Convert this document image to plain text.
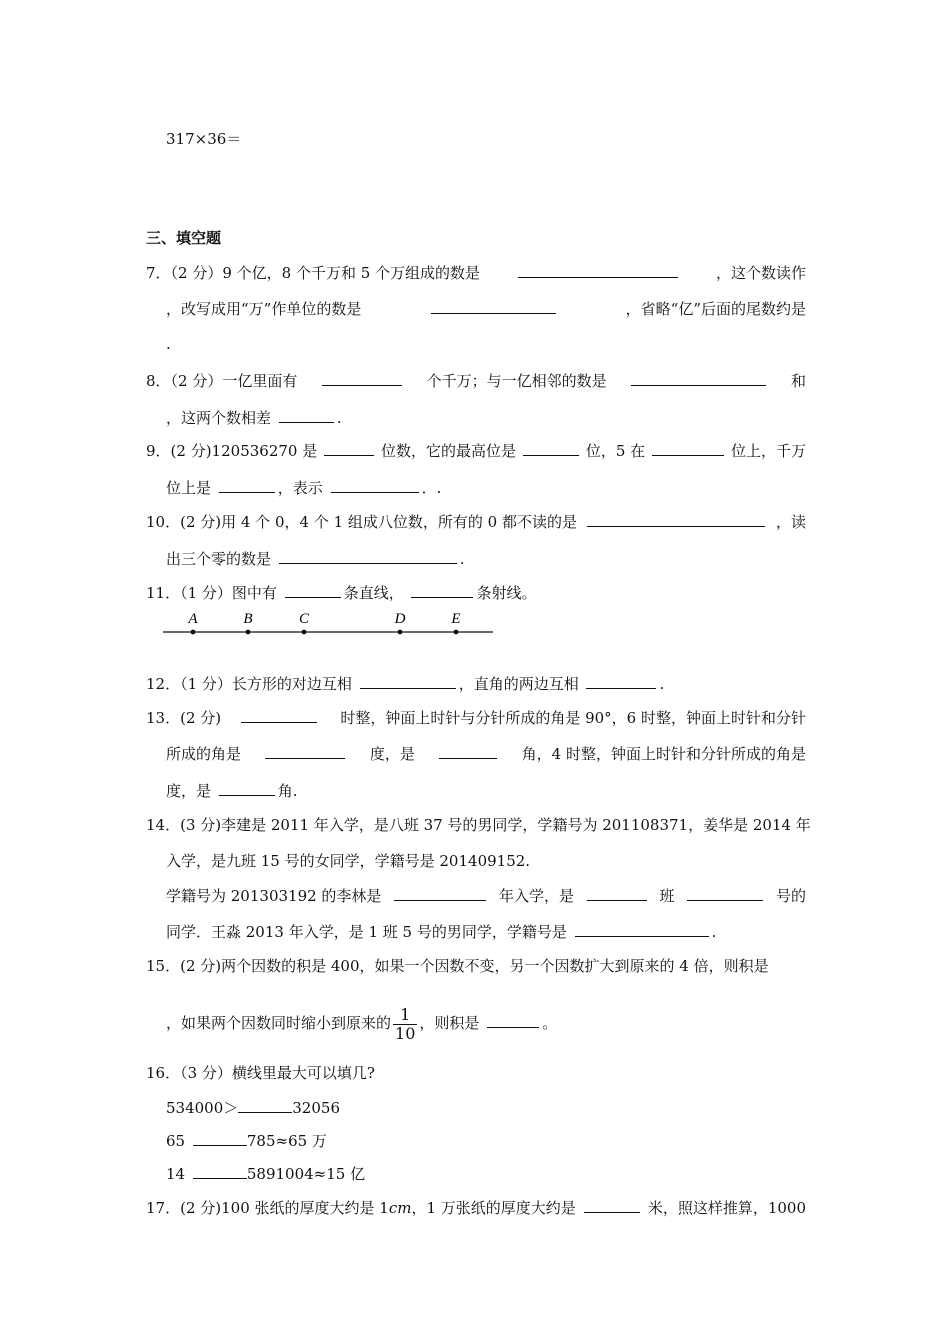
317×36＝
三、填空题
7．（2 分）9 个亿，8 个千万和 5 个万组成的数是	，这个数读作
，改写成用“万”作单位的数是	，省略“亿”后面的尾数约是
.
8．（2 分）一亿里面有	个千万；与一亿相邻的数是	和
，这两个数相差	.
9．(2 分)120536270 是	位数，它的最高位是	位，5 在	位上，千万
位上是	，表示	．.
10．(2 分)用 4 个 0，4 个 1 组成八位数，所有的 0 都不读的是	，读
出三个零的数是	.
11．（1 分）图中有	条直线，	条射线。
A	B	C	D	E
12．（1 分）长方形的对边互相	，直角的两边互相	.
13．(2 分)	时整，钟面上时针与分针所成的角是 90°，6 时整，钟面上时针和分针
所成的角是	度，是	角，4 时整，钟面上时针和分针所成的角是
度，是	角.
14．(3 分)李建是 2011 年入学，是八班 37 号的男同学，学籍号为 201108371，姜华是 2014 年
入学，是九班 15 号的女同学，学籍号是 201409152.
学籍号为 201303192 的李林是	年入学，是	班	号的
同学．王淼 2013 年入学，是 1 班 5 号的男同学，学籍号是	.
15．(2 分)两个因数的积是 400，如果一个因数不变，另一个因数扩大到原来的 4 倍，则积是
，如果两个因数同时缩小到原来的 $\frac{1}{10}$ ，则积是	。
16．（3 分）横线里最大可以填几?
534000＞	32056
65	785≈65 万
14	5891004≈15 亿
17．(2 分)100 张纸的厚度大约是 1cm，1 万张纸的厚度大约是	米，照这样推算，1000
